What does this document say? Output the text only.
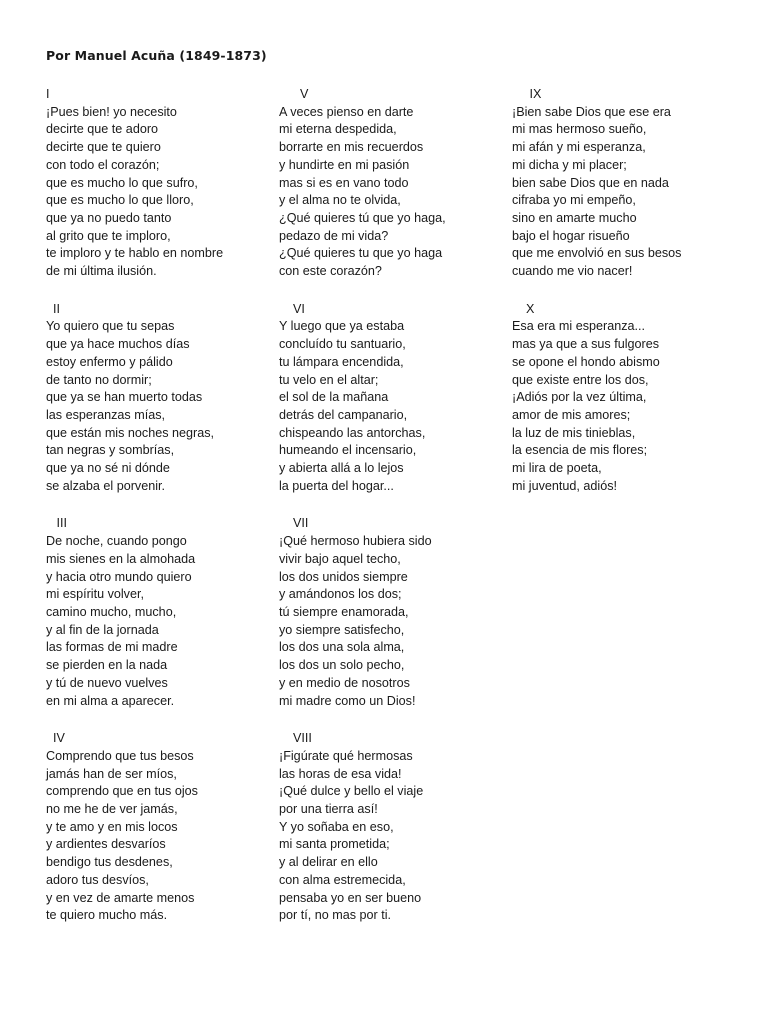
Por Manuel Acuña (1849-1873)
I
¡Pues bien! yo necesito
decirte que te adoro
decirte que te quiero
con todo el corazón;
que es mucho lo que sufro,
que es mucho lo que lloro,
que ya no puedo tanto
al grito que te imploro,
te imploro y te hablo en nombre
de mi última ilusión.
II
Yo quiero que tu sepas
que ya hace muchos días
estoy enfermo y pálido
de tanto no dormir;
que ya se han muerto todas
las esperanzas mías,
que están mis noches negras,
tan negras y sombrías,
que ya no sé ni dónde
se alzaba el porvenir.
III
De noche, cuando pongo
mis sienes en la almohada
y hacia otro mundo quiero
mi espíritu volver,
camino mucho, mucho,
y al fin de la jornada
las formas de mi madre
se pierden en la nada
y tú de nuevo vuelves
en mi alma a aparecer.
IV
Comprendo que tus besos
jamás han de ser míos,
comprendo que en tus ojos
no me he de ver jamás,
y te amo y en mis locos
y ardientes desvaríos
bendigo tus desdenes,
adoro tus desvíos,
y en vez de amarte menos
te quiero mucho más.
V
A veces pienso en darte
mi eterna despedida,
borrarte en mis recuerdos
y hundirte en mi pasión
mas si es en vano todo
y el alma no te olvida,
¿Qué quieres tú que yo haga,
pedazo de mi vida?
¿Qué quieres tu que yo haga
con este corazón?
VI
Y luego que ya estaba
concluído tu santuario,
tu lámpara encendida,
tu velo en el altar;
el sol de la mañana
detrás del campanario,
chispeando las antorchas,
humeando el incensario,
y abierta allá a lo lejos
la puerta del hogar...
VII
¡Qué hermoso hubiera sido
vivir bajo aquel techo,
los dos unidos siempre
y amándonos los dos;
tú siempre enamorada,
yo siempre satisfecho,
los dos una sola alma,
los dos un solo pecho,
y en medio de nosotros
mi madre como un Dios!
VIII
¡Figúrate qué hermosas
las horas de esa vida!
¡Qué dulce y bello el viaje
por una tierra así!
Y yo soñaba en eso,
mi santa prometida;
y al delirar en ello
con alma estremecida,
pensaba yo en ser bueno
por tí, no mas por ti.
IX
¡Bien sabe Dios que ese era
mi mas hermoso sueño,
mi afán y mi esperanza,
mi dicha y mi placer;
bien sabe Dios que en nada
cifraba yo mi empeño,
sino en amarte mucho
bajo el hogar risueño
que me envolvió en sus besos
cuando me vio nacer!
X
Esa era mi esperanza...
mas ya que a sus fulgores
se opone el hondo abismo
que existe entre los dos,
¡Adiós por la vez última,
amor de mis amores;
la luz de mis tinieblas,
la esencia de mis flores;
mi lira de poeta,
mi juventud, adiós!
